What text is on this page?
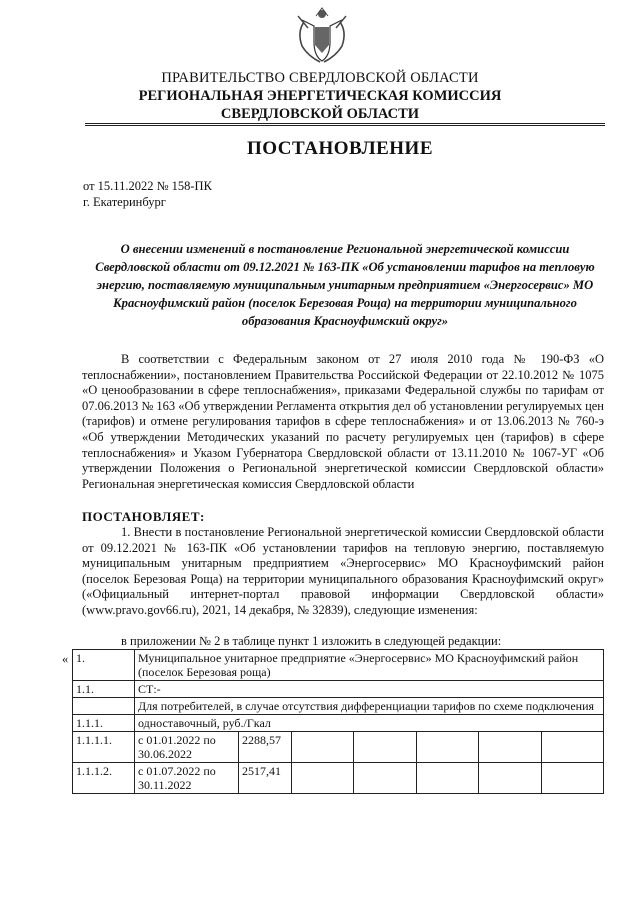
ПРАВИТЕЛЬСТВО СВЕРДЛОВСКОЙ ОБЛАСТИ
РЕГИОНАЛЬНАЯ ЭНЕРГЕТИЧЕСКАЯ КОМИССИЯ
СВЕРДЛОВСКОЙ ОБЛАСТИ
ПОСТАНОВЛЕНИЕ
от 15.11.2022 № 158-ПК
г. Екатеринбург
О внесении изменений в постановление Региональной энергетической комиссии Свердловской области от 09.12.2021 № 163-ПК «Об установлении тарифов на тепловую энергию, поставляемую муниципальным унитарным предприятием «Энергосервис» МО Красноуфимский район (поселок Березовая Роща) на территории муниципального образования Красноуфимский округ»
В соответствии с Федеральным законом от 27 июля 2010 года № 190-ФЗ «О теплоснабжении», постановлением Правительства Российской Федерации от 22.10.2012 № 1075 «О ценообразовании в сфере теплоснабжения», приказами Федеральной службы по тарифам от 07.06.2013 № 163 «Об утверждении Регламента открытия дел об установлении регулируемых цен (тарифов) и отмене регулирования тарифов в сфере теплоснабжения» и от 13.06.2013 № 760-э «Об утверждении Методических указаний по расчету регулируемых цен (тарифов) в сфере теплоснабжения» и Указом Губернатора Свердловской области от 13.11.2010 № 1067-УГ «Об утверждении Положения о Региональной энергетической комиссии Свердловской области» Региональная энергетическая комиссия Свердловской области
ПОСТАНОВЛЯЕТ:
1. Внести в постановление Региональной энергетической комиссии Свердловской области от 09.12.2021 № 163-ПК «Об установлении тарифов на тепловую энергию, поставляемую муниципальным унитарным предприятием «Энергосервис» МО Красноуфимский район (поселок Березовая Роща) на территории муниципального образования Красноуфимский округ» («Официальный интернет-портал правовой информации Свердловской области» (www.pravo.gov66.ru), 2021, 14 декабря, № 32839), следующие изменения:
в приложении № 2 в таблице пункт 1 изложить в следующей редакции:
« 1.	Муниципальное унитарное предприятие «Энергосервис» МО Красноуфимский район (поселок Березовая роща)						
1.1.	СТ:-						
	Для потребителей, в случае отсутствия дифференциации тарифов по схеме подключения						
1.1.1.	одноставочный, руб./Гкал						
1.1.1.1.	с 01.01.2022 по 30.06.2022	2288,57					
1.1.1.2.	с 01.07.2022 по 30.11.2022	2517,41					
